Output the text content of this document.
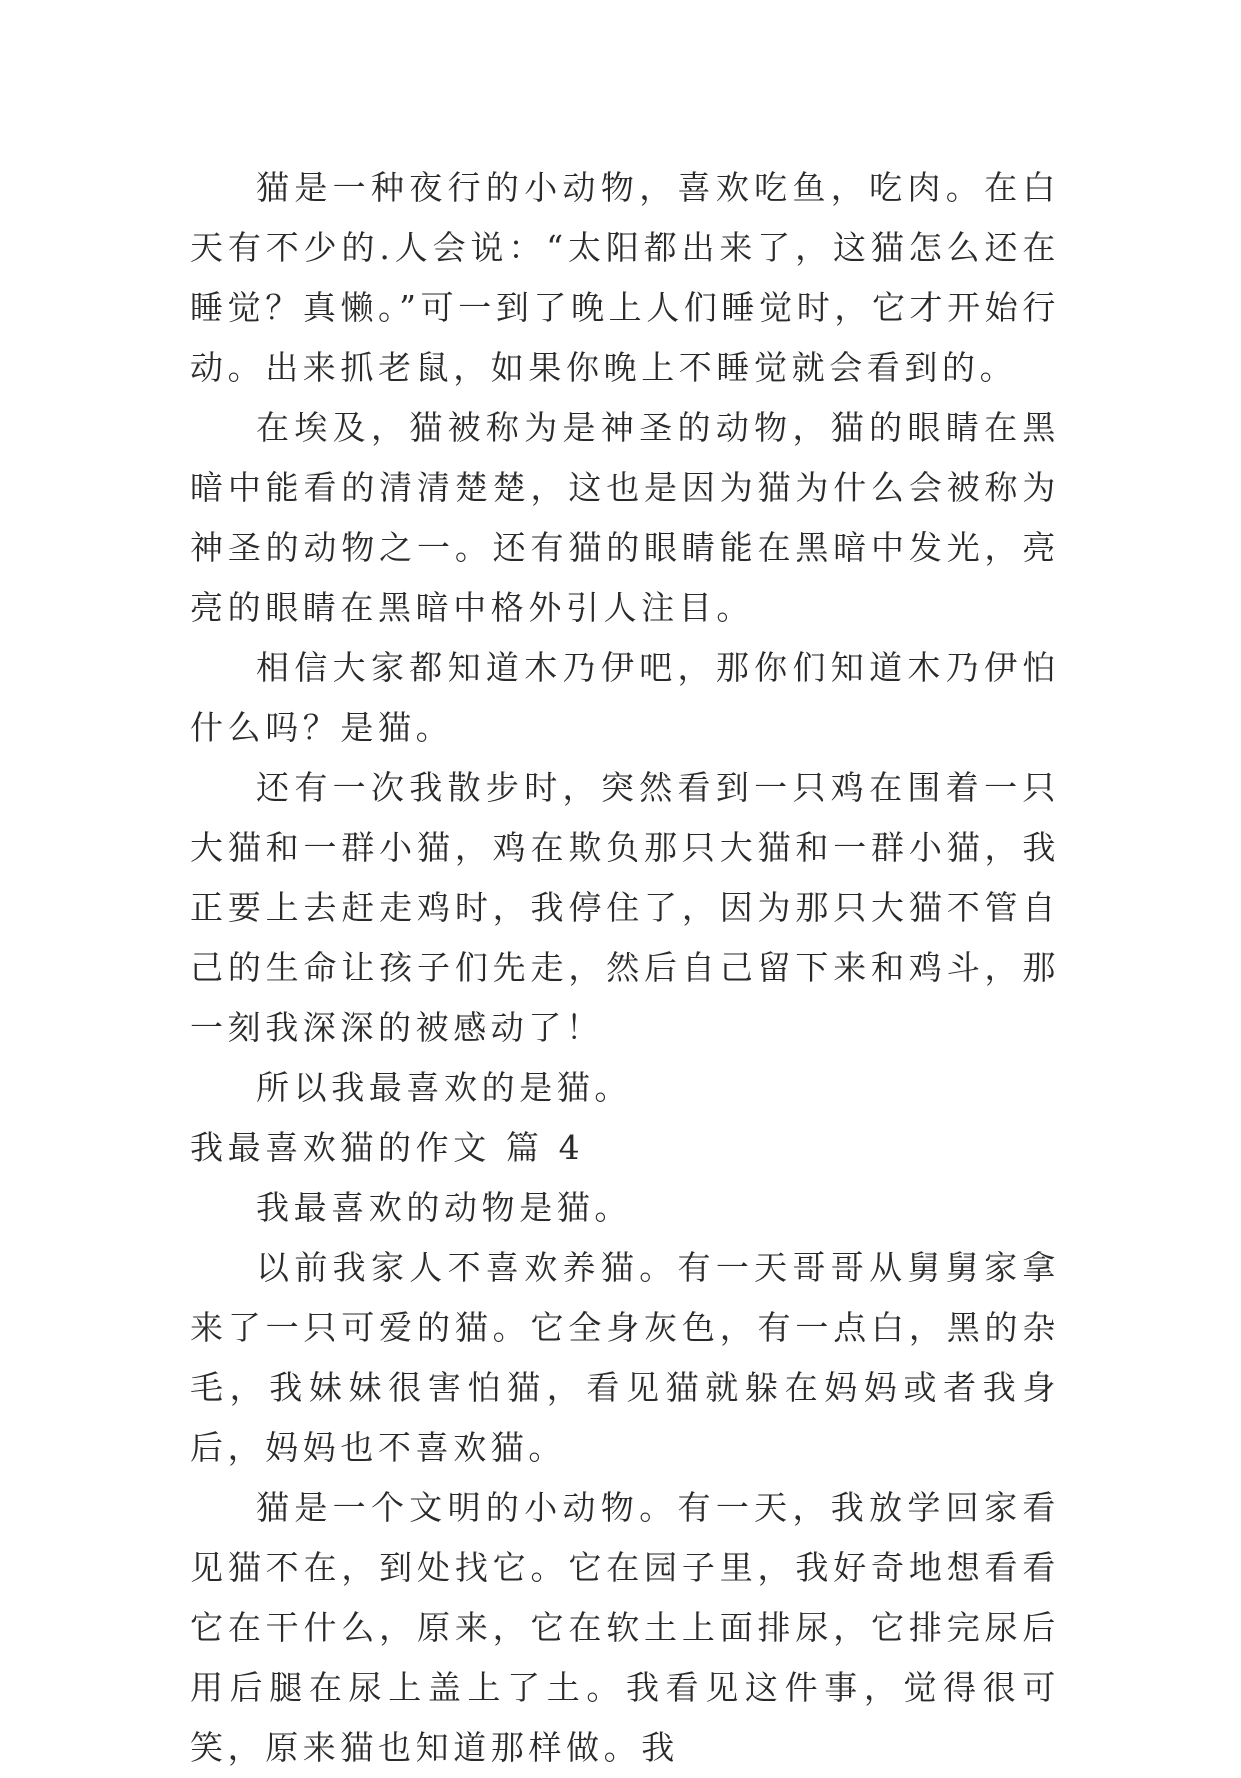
猫是一种夜行的小动物，喜欢吃鱼，吃肉。在白天有不少的.人会说：“太阳都出来了，这猫怎么还在睡觉？真懒。”可一到了晚上人们睡觉时，它才开始行动。出来抓老鼠，如果你晚上不睡觉就会看到的。

在埃及，猫被称为是神圣的动物，猫的眼睛在黑暗中能看的清清楚楚，这也是因为猫为什么会被称为神圣的动物之一。还有猫的眼睛能在黑暗中发光，亮亮的眼睛在黑暗中格外引人注目。

相信大家都知道木乃伊吧，那你们知道木乃伊怕什么吗？是猫。

还有一次我散步时，突然看到一只鸡在围着一只大猫和一群小猫，鸡在欺负那只大猫和一群小猫，我正要上去赶走鸡时，我停住了，因为那只大猫不管自己的生命让孩子们先走，然后自己留下来和鸡斗，那一刻我深深的被感动了！

所以我最喜欢的是猫。

我最喜欢猫的作文 篇 4

我最喜欢的动物是猫。

以前我家人不喜欢养猫。有一天哥哥从舅舅家拿来了一只可爱的猫。它全身灰色，有一点白，黑的杂毛，我妹妹很害怕猫，看见猫就躲在妈妈或者我身后，妈妈也不喜欢猫。

猫是一个文明的小动物。有一天，我放学回家看见猫不在，到处找它。它在园子里，我好奇地想看看它在干什么，原来，它在软土上面排尿，它排完尿后用后腿在尿上盖上了土。我看见这件事，觉得很可笑，原来猫也知道那样做。我
